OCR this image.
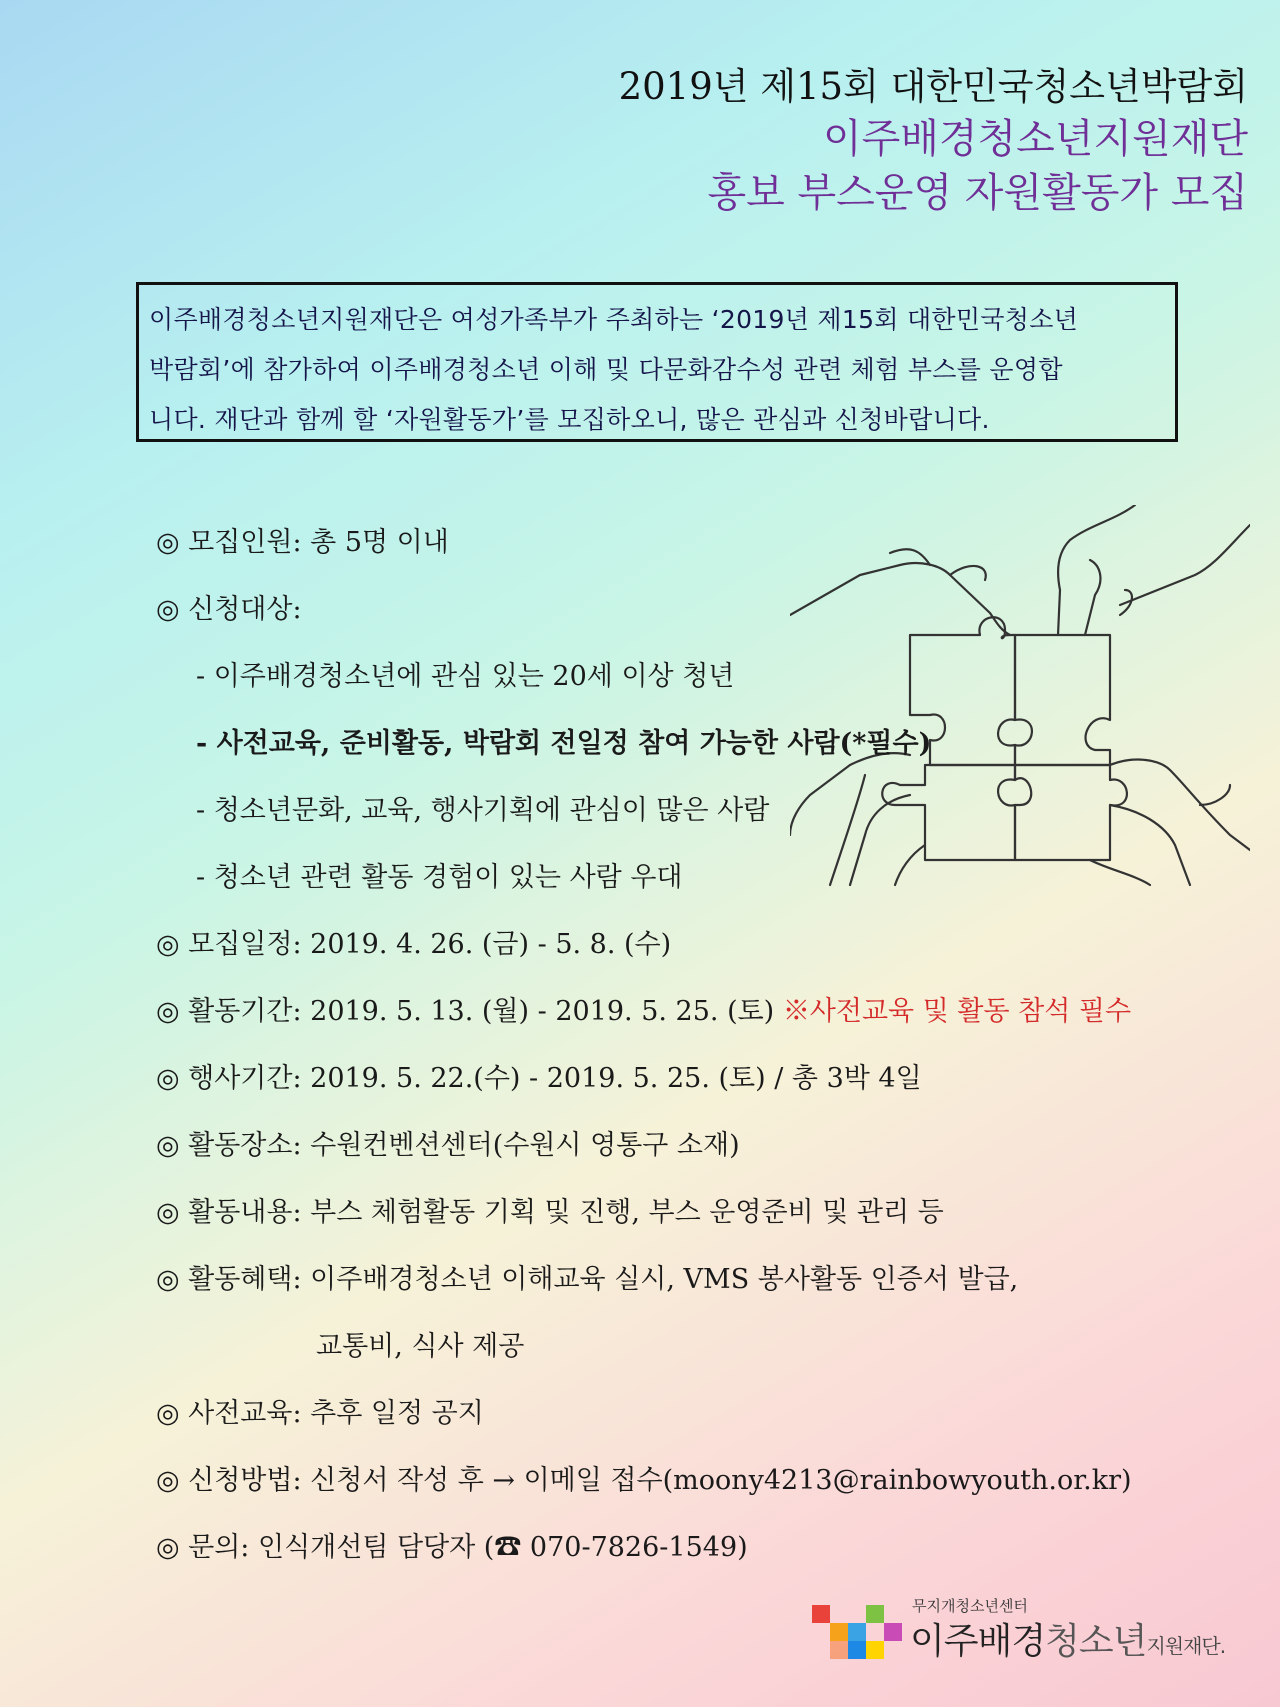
2019년 제15회 대한민국청소년박람회

이주배경청소년지원재단

홍보 부스운영 자원활동가 모집

이주배경청소년지원재단은 여성가족부가 주최하는 ‘2019년 제15회 대한민국청소년
박람회’에 참가하여 이주배경청소년 이해 및 다문화감수성 관련 체험 부스를 운영합
니다. 재단과 함께 할 ‘자원활동가’를 모집하오니, 많은 관심과 신청바랍니다.
◎ 모집인원: 총 5명 이내
◎ 신청대상:
- 이주배경청소년에 관심 있는 20세 이상 청년
- 사전교육, 준비활동, 박람회 전일정 참여 가능한 사람(*필수)
- 청소년문화, 교육, 행사기획에 관심이 많은 사람
- 청소년 관련 활동 경험이 있는 사람 우대
◎ 모집일정: 2019. 4. 26. (금) - 5. 8. (수)
◎ 활동기간: 2019. 5. 13. (월) - 2019. 5. 25. (토) ※사전교육 및 활동 참석 필수
◎ 행사기간: 2019. 5. 22.(수) - 2019. 5. 25. (토) / 총 3박 4일
◎ 활동장소: 수원컨벤션센터(수원시 영통구 소재)
◎ 활동내용: 부스 체험활동 기획 및 진행, 부스 운영준비 및 관리 등
◎ 활동혜택: 이주배경청소년 이해교육 실시, VMS 봉사활동 인증서 발급,
교통비, 식사 제공
◎ 사전교육: 추후 일정 공지
◎ 신청방법: 신청서 작성 후 → 이메일 접수(moony4213@rainbowyouth.or.kr)
◎ 문의: 인식개선팀 담당자 (☎ 070-7826-1549)
무지개청소년센터
이주배경청소년지원재단.
